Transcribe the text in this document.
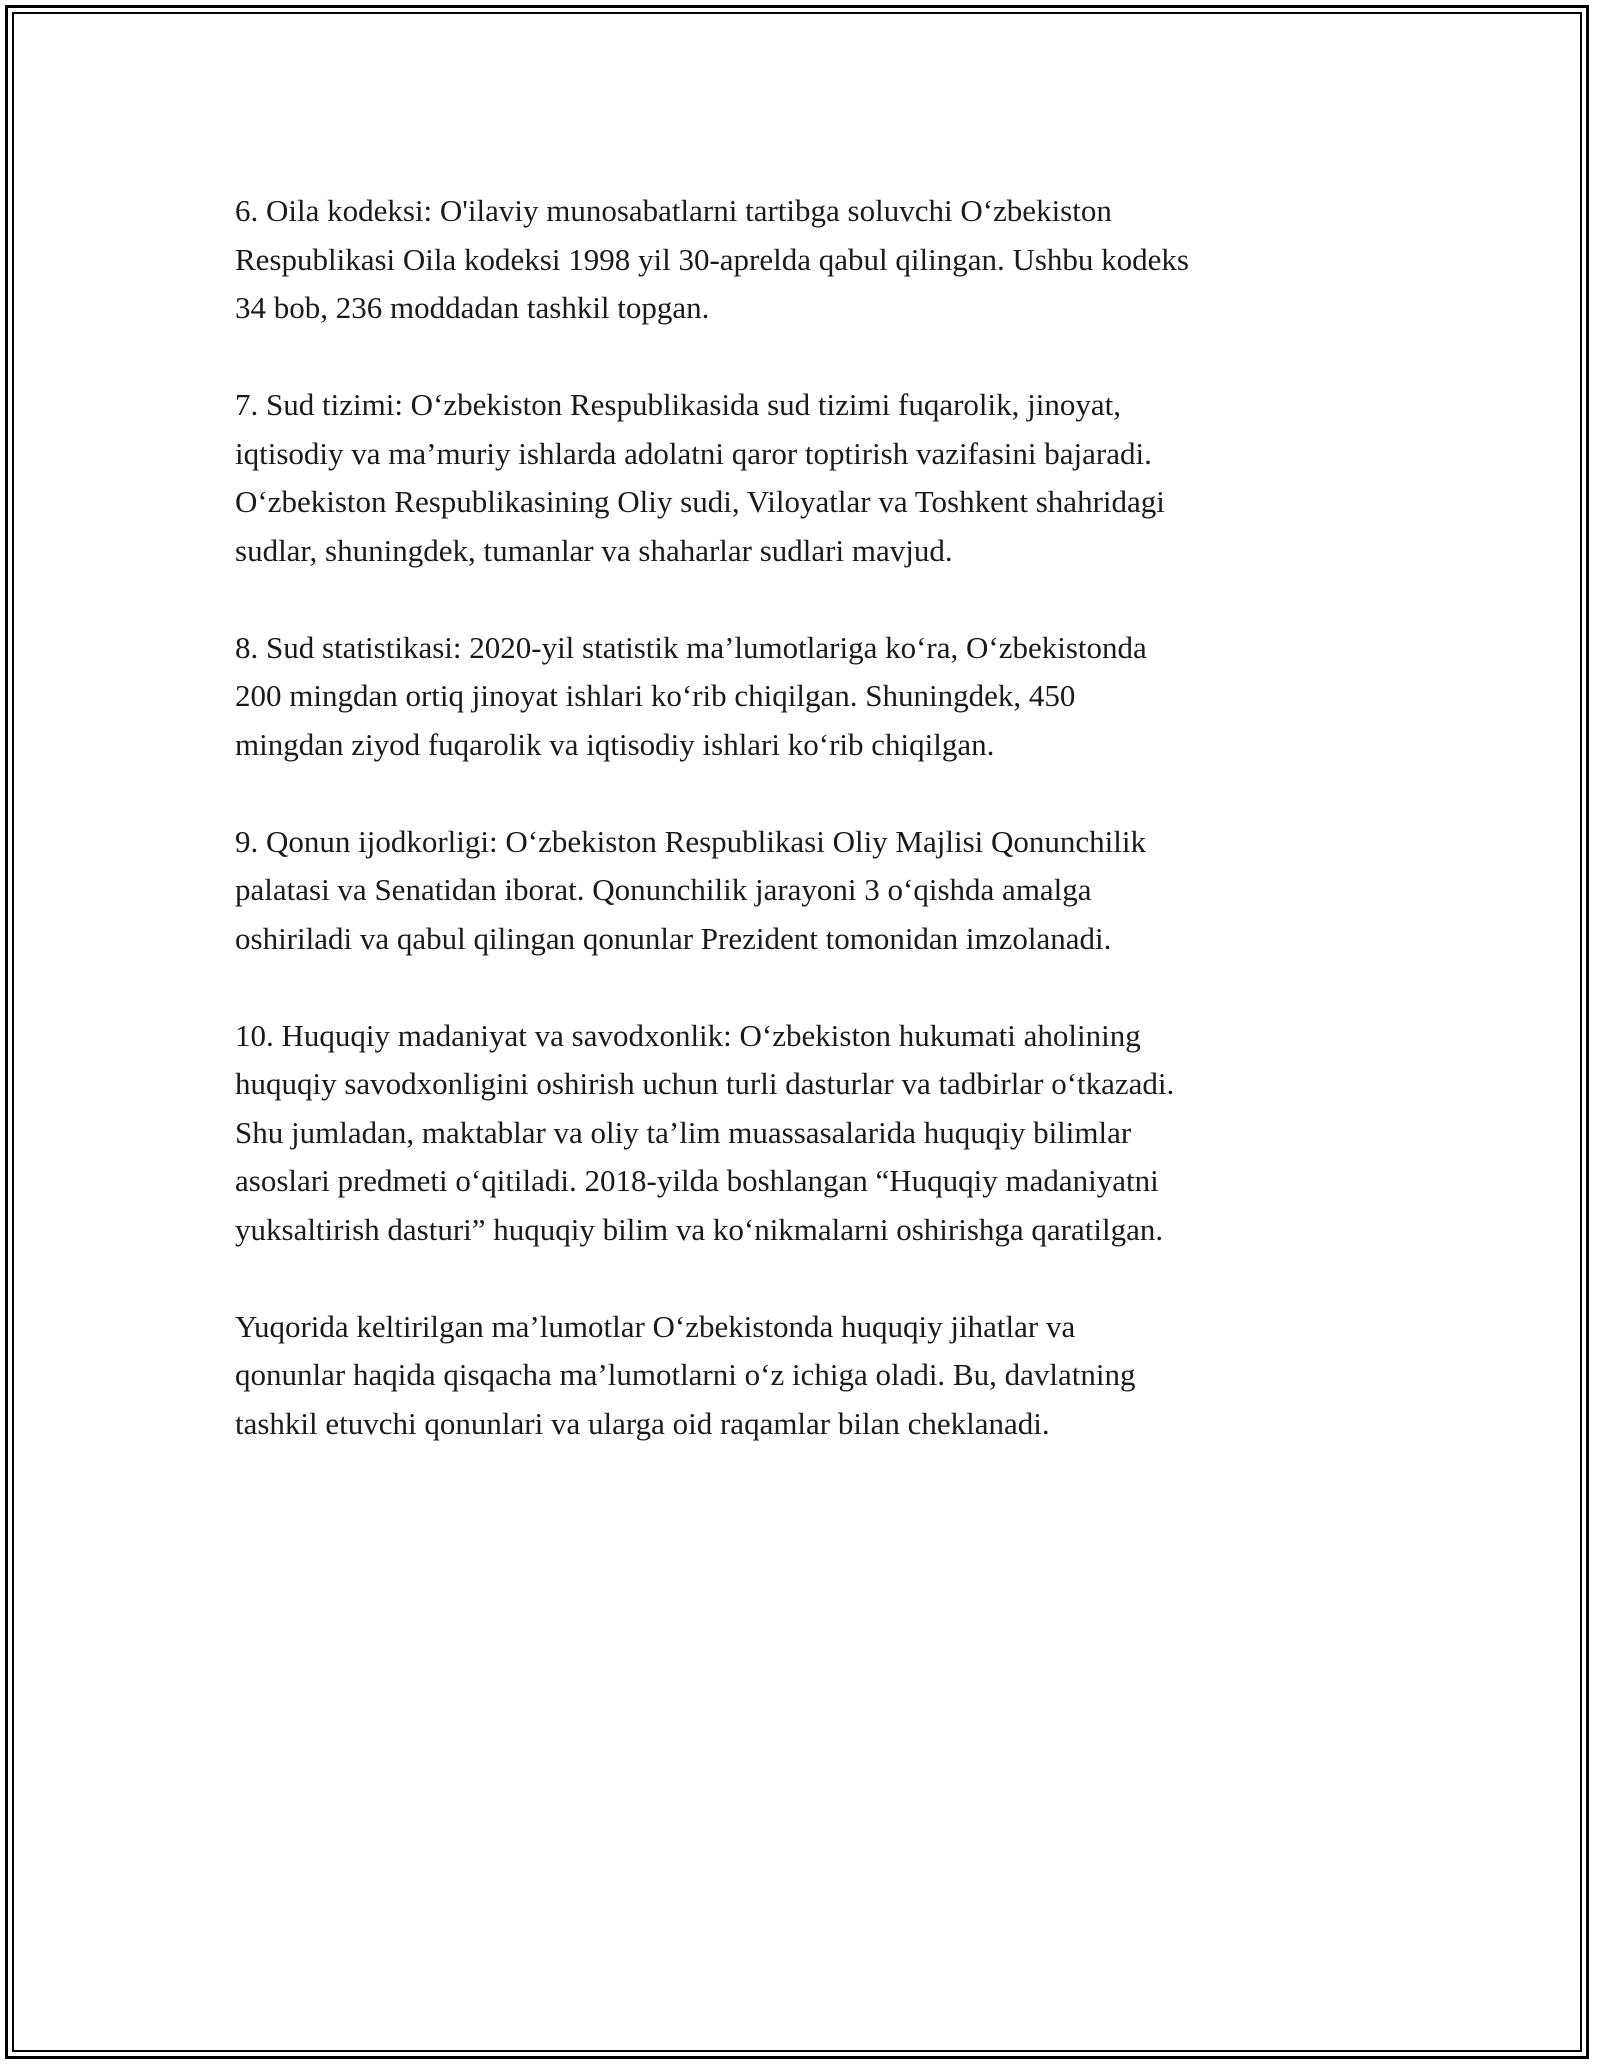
6. Oila kodeksi: O'ilaviy munosabatlarni tartibga soluvchi O‘zbekiston
Respublikasi Oila kodeksi 1998 yil 30-aprelda qabul qilingan. Ushbu kodeks
34 bob, 236 moddadan tashkil topgan.

7. Sud tizimi: O‘zbekiston Respublikasida sud tizimi fuqarolik, jinoyat,
iqtisodiy va ma’muriy ishlarda adolatni qaror toptirish vazifasini bajaradi.
O‘zbekiston Respublikasining Oliy sudi, Viloyatlar va Toshkent shahridagi
sudlar, shuningdek, tumanlar va shaharlar sudlari mavjud.

8. Sud statistikasi: 2020-yil statistik ma’lumotlariga ko‘ra, O‘zbekistonda
200 mingdan ortiq jinoyat ishlari ko‘rib chiqilgan. Shuningdek, 450
mingdan ziyod fuqarolik va iqtisodiy ishlari ko‘rib chiqilgan.

9. Qonun ijodkorligi: O‘zbekiston Respublikasi Oliy Majlisi Qonunchilik
palatasi va Senatidan iborat. Qonunchilik jarayoni 3 o‘qishda amalga
oshiriladi va qabul qilingan qonunlar Prezident tomonidan imzolanadi.

10. Huquqiy madaniyat va savodxonlik: O‘zbekiston hukumati aholining
huquqiy savodxonligini oshirish uchun turli dasturlar va tadbirlar o‘tkazadi.
Shu jumladan, maktablar va oliy ta’lim muassasalarida huquqiy bilimlar
asoslari predmeti o‘qitiladi. 2018-yilda boshlangan “Huquqiy madaniyatni
yuksaltirish dasturi” huquqiy bilim va ko‘nikmalarni oshirishga qaratilgan.

Yuqorida keltirilgan ma’lumotlar O‘zbekistonda huquqiy jihatlar va
qonunlar haqida qisqacha ma’lumotlarni o‘z ichiga oladi. Bu, davlatning
tashkil etuvchi qonunlari va ularga oid raqamlar bilan cheklanadi.
